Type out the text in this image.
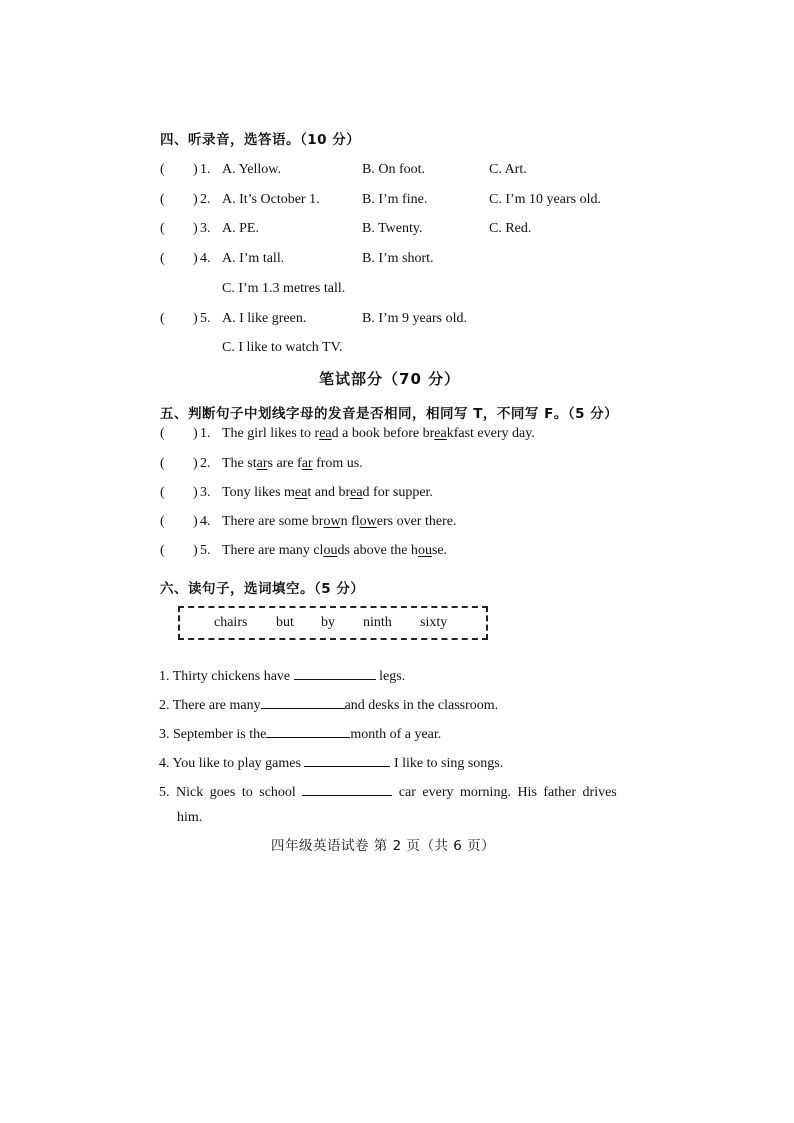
四、听录音，选答语。（10 分）
( ) 1. A. Yellow.	B. On foot.	C. Art.
( ) 2. A. It’s October 1.	B. I’m fine.	C. I’m 10 years old.
( ) 3. A. PE.	B. Twenty.	C. Red.
( ) 4. A. I’m tall.	B. I’m short.
C. I’m 1.3 metres tall.
( ) 5. A. I like green.	B. I’m 9 years old.
C. I like to watch TV.
笔试部分（70 分）
五、判断句子中划线字母的发音是否相同，相同写 T，不同写 F。（5 分）
( ) 1. The girl likes to read a book before breakfast every day.
( ) 2. The stars are far from us.
( ) 3. Tony likes meat and bread for supper.
( ) 4. There are some brown flowers over there.
( ) 5. There are many clouds above the house.
六、读句子，选词填空。（5 分）
chairs but by ninth sixty
1. Thirty chickens have	legs.
2. There are many	and desks in the classroom.
3. September is the	month of a year.
4. You like to play games	I like to sing songs.
5. Nick goes to school	car every morning. His father drives
him.
四年级英语试卷 第 2 页（共 6 页）
